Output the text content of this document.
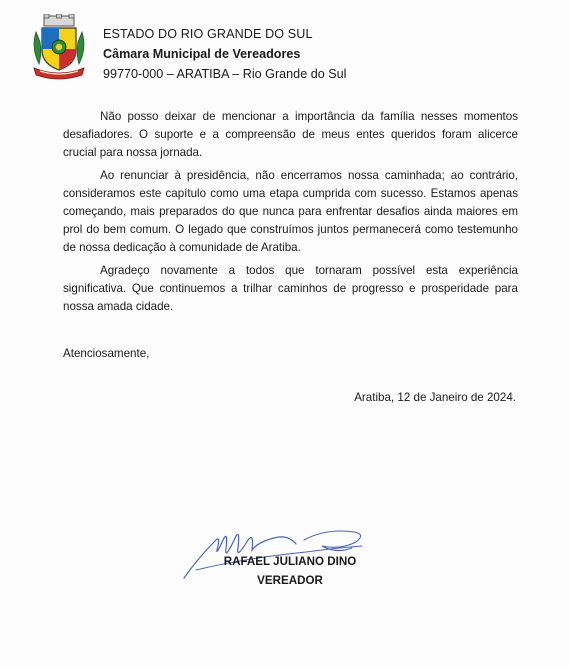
ESTADO DO RIO GRANDE DO SUL
Câmara Municipal de Vereadores
99770-000 – ARATIBA – Rio Grande do Sul

Não posso deixar de mencionar a importância da família nesses momentos desafiadores. O suporte e a compreensão de meus entes queridos foram alicerce crucial para nossa jornada.

Ao renunciar à presidência, não encerramos nossa caminhada; ao contrário, consideramos este capítulo como uma etapa cumprida com sucesso. Estamos apenas começando, mais preparados do que nunca para enfrentar desafios ainda maiores em prol do bem comum. O legado que construímos juntos permanecerá como testemunho de nossa dedicação à comunidade de Aratiba.

Agradeço novamente a todos que tornaram possível esta experiência significativa. Que continuemos a trilhar caminhos de progresso e prosperidade para nossa amada cidade.

Atenciosamente,
Aratiba, 12 de Janeiro de 2024.
RAFAEL JULIANO DINO
VEREADOR
